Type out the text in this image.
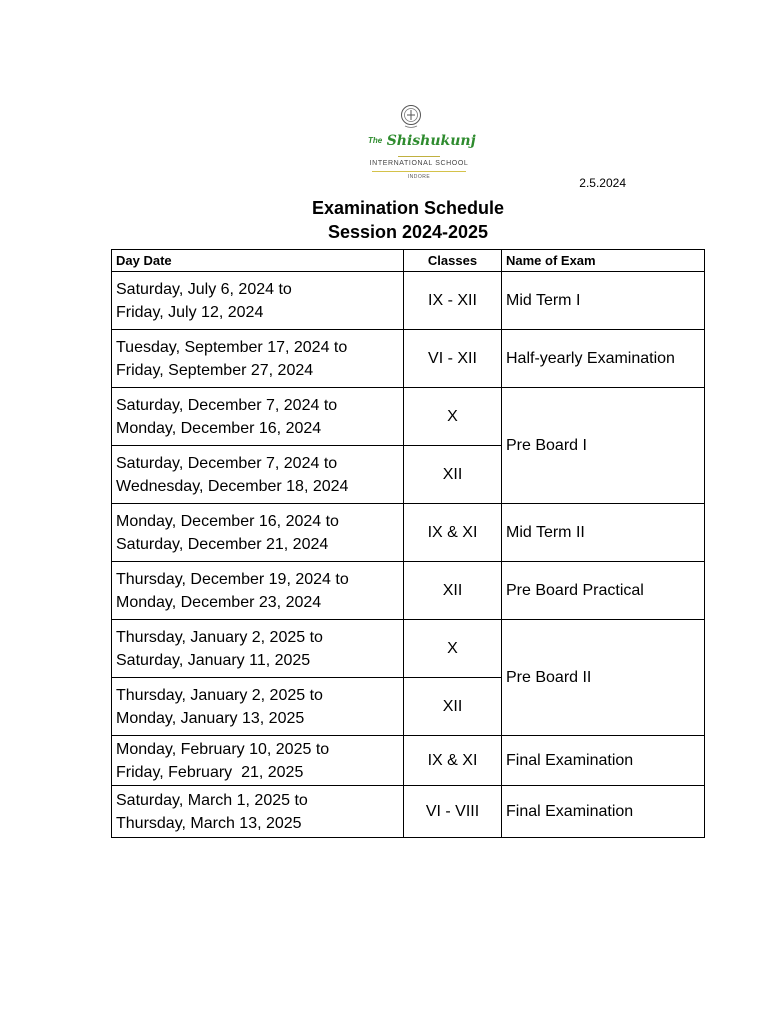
$^{The}$ Shishukunj
INTERNATIONAL SCHOOL
INDORE	2.5.2024
Examination Schedule
Session 2024-2025
Day Date	Classes	Name of Exam

Saturday, July 6, 2024 to
Friday, July 12, 2024	IX - XII	Mid Term I

Tuesday, September 17, 2024 to
Friday, September 27, 2024	VI - XII	Half-yearly Examination

Saturday, December 7, 2024 to
Monday, December 16, 2024	X	Pre Board I

Saturday, December 7, 2024 to
Wednesday, December 18, 2024	XII	

Monday, December 16, 2024 to
Saturday, December 21, 2024	IX & XI	Mid Term II

Thursday, December 19, 2024 to
Monday, December 23, 2024	XII	Pre Board Practical

Thursday, January 2, 2025 to
Saturday, January 11, 2025	X	Pre Board II

Thursday, January 2, 2025 to
Monday, January 13, 2025	XII	

Monday, February 10, 2025 to
Friday, February  21, 2025	IX & XI	Final Examination

Saturday, March 1, 2025 to
Thursday, March 13, 2025	VI - VIII	Final Examination
